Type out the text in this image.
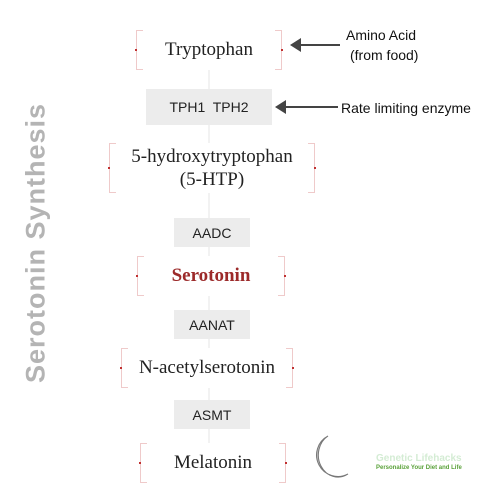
Serotonin Synthesis
Tryptophan
TPH1  TPH2
5-hydroxytryptophan
(5-HTP)
AADC
Serotonin
AANAT
N-acetylserotonin
ASMT
Melatonin
Amino Acid
(from food)
Rate limiting enzyme
Genetic Lifehacks
Personalize Your Diet and Life
